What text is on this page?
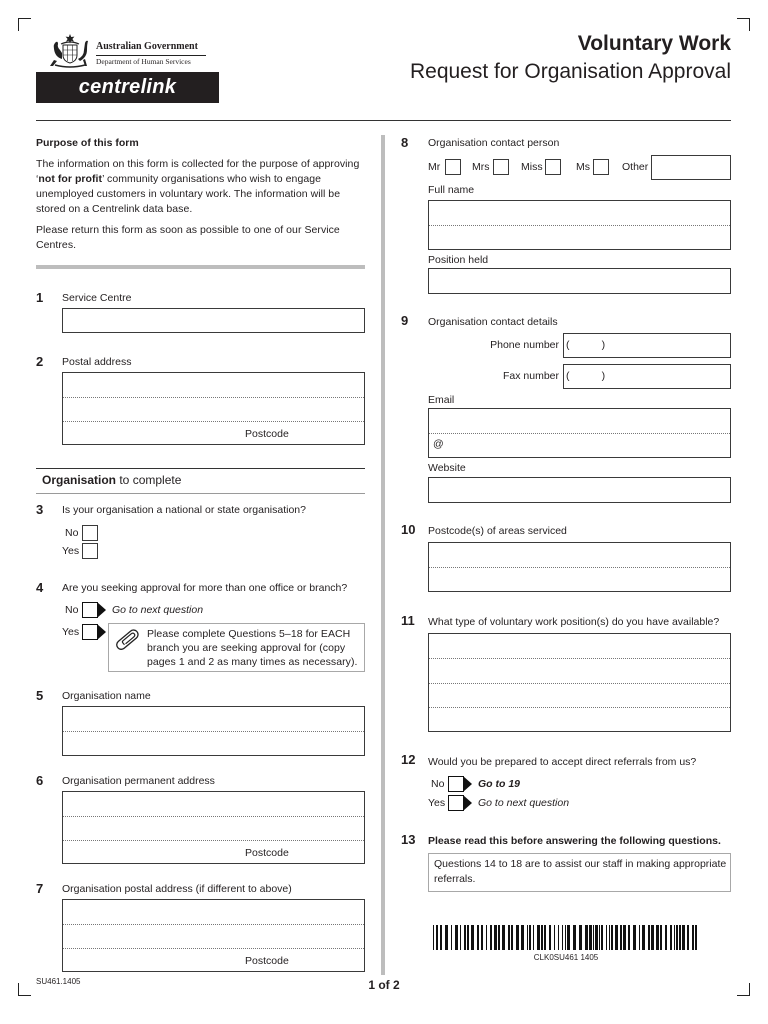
Australian Government
Department of Human Services
centrelink
Voluntary Work
Request for Organisation Approval
Purpose of this form

The information on this form is collected for the purpose of approving ‘not for profit’ community organisations who wish to engage unemployed customers in voluntary work. The information will be stored on a Centrelink data base.

Please return this form as soon as possible to one of our Service Centres.

1 Service Centre
2 Postal address
Postcode
Organisation to complete
3 Is your organisation a national or state organisation?
No
Yes
4 Are you seeking approval for more than one office or branch?
No	Go to next question
Yes	Please complete Questions 5–18 for EACH branch you are seeking approval for (copy pages 1 and 2 as many times as necessary).
5 Organisation name
6 Organisation permanent address
Postcode
7 Organisation postal address (if different to above)
Postcode
8 Organisation contact person
Mr	Mrs	Miss	Ms	Other
Full name
Position held
9 Organisation contact details
Phone number (           )
Fax number (           )
Email
@
Website
10 Postcode(s) of areas serviced
11 What type of voluntary work position(s) do you have available?
12 Would you be prepared to accept direct referrals from us?
No	Go to 19
Yes	Go to next question
13 Please read this before answering the following questions.
Questions 14 to 18 are to assist our staff in making appropriate referrals.
CLK0SU461 1405
SU461.1405	1 of 2
